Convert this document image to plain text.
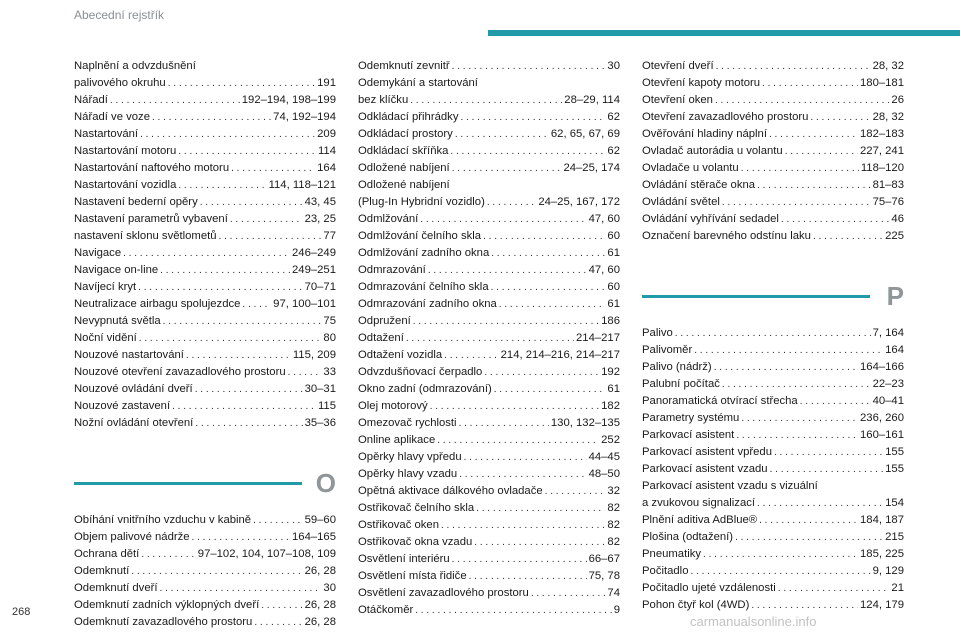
Abecední rejstřík
Naplnění a odvzdušnění
palivového okruhu . . .	191
Nářadí . . .	192–194, 198–199
Nářadí ve voze . . .	74, 192–194
Nastartování . . .	209
Nastartování motoru . . .	114
Nastartování naftového motoru . . .	164
Nastartování vozidla . . .	114, 118–121
Nastavení bederní opěry . . .	43, 45
Nastavení parametrů vybavení . . .	23, 25
nastavení sklonu světlometů . . .	77
Navigace . . .	246–249
Navigace on-line . . .	249–251
Navíjecí kryt . . .	70–71
Neutralizace airbagu spolujezdce . . .	97, 100–101
Nevypnutá světla . . .	75
Noční vidění . . .	80
Nouzové nastartování . . .	115, 209
Nouzové otevření zavazadlového prostoru . . .	33
Nouzové ovládání dveří . . .	30–31
Nouzové zastavení . . .	115
Nožní ovládání otevření . . .	35–36
O
Obíhání vnitřního vzduchu v kabině . . .	59–60
Objem palivové nádrže . . .	164–165
Ochrana dětí . . .	97–102, 104, 107–108, 109
Odemknutí . . .	26, 28
Odemknutí dveří . . .	30
Odemknutí zadních výklopných dveří . . .	26, 28
Odemknutí zavazadlového prostoru . . .	26, 28
Odemknutí zevnitř . . .	30
Odemykání a startování
bez klíčku . . .	28–29, 114
Odkládací přihrádky . . .	62
Odkládací prostory . . .	62, 65, 67, 69
Odkládací skříňka . . .	62
Odložené nabíjení . . .	24–25, 174
Odložené nabíjení
(Plug-In Hybridní vozidlo) . . .	24–25, 167, 172
Odmlžování . . .	47, 60
Odmlžování čelního skla . . .	60
Odmlžování zadního okna . . .	61
Odmrazování . . .	47, 60
Odmrazování čelního skla . . .	60
Odmrazování zadního okna . . .	61
Odpružení . . .	186
Odtažení . . .	214–217
Odtažení vozidla . . .	214, 214–216, 214–217
Odvzdušňovací čerpadlo . . .	192
Okno zadní (odmrazování) . . .	61
Olej motorový . . .	182
Omezovač rychlosti . . .	130, 132–135
Online aplikace . . .	252
Opěrky hlavy vpředu . . .	44–45
Opěrky hlavy vzadu . . .	48–50
Opětná aktivace dálkového ovladače . . .	32
Ostřikovač čelního skla . . .	82
Ostřikovač oken . . .	82
Ostřikovač okna vzadu . . .	82
Osvětlení interiéru . . .	66–67
Osvětlení místa řidiče . . .	75, 78
Osvětlení zavazadlového prostoru . . .	74
Otáčkoměr . . .	9
Otevření dveří . . .	28, 32
Otevření kapoty motoru . . .	180–181
Otevření oken . . .	26
Otevření zavazadlového prostoru . . .	28, 32
Ověřování hladiny náplní . . .	182–183
Ovladač autorádia u volantu . . .	227, 241
Ovladače u volantu . . .	118–120
Ovládání stěrače okna . . .	81–83
Ovládání světel . . .	75–76
Ovládání vyhřívání sedadel . . .	46
Označení barevného odstínu laku . . .	225
P
Palivo . . .	7, 164
Palivoměr . . .	164
Palivo (nádrž) . . .	164–166
Palubní počítač . . .	22–23
Panoramatická otvírací střecha . . .	40–41
Parametry systému . . .	236, 260
Parkovací asistent . . .	160–161
Parkovací asistent vpředu . . .	155
Parkovací asistent vzadu . . .	155
Parkovací asistent vzadu s vizuální
a zvukovou signalizací . . .	154
Plnění aditiva AdBlue® . . .	184, 187
Plošina (odtažení) . . .	215
Pneumatiky . . .	185, 225
Počitadlo . . .	9, 129
Počitadlo ujeté vzdálenosti . . .	21
Pohon čtyř kol (4WD) . . .	124, 179
268
carmanualsonline.info
